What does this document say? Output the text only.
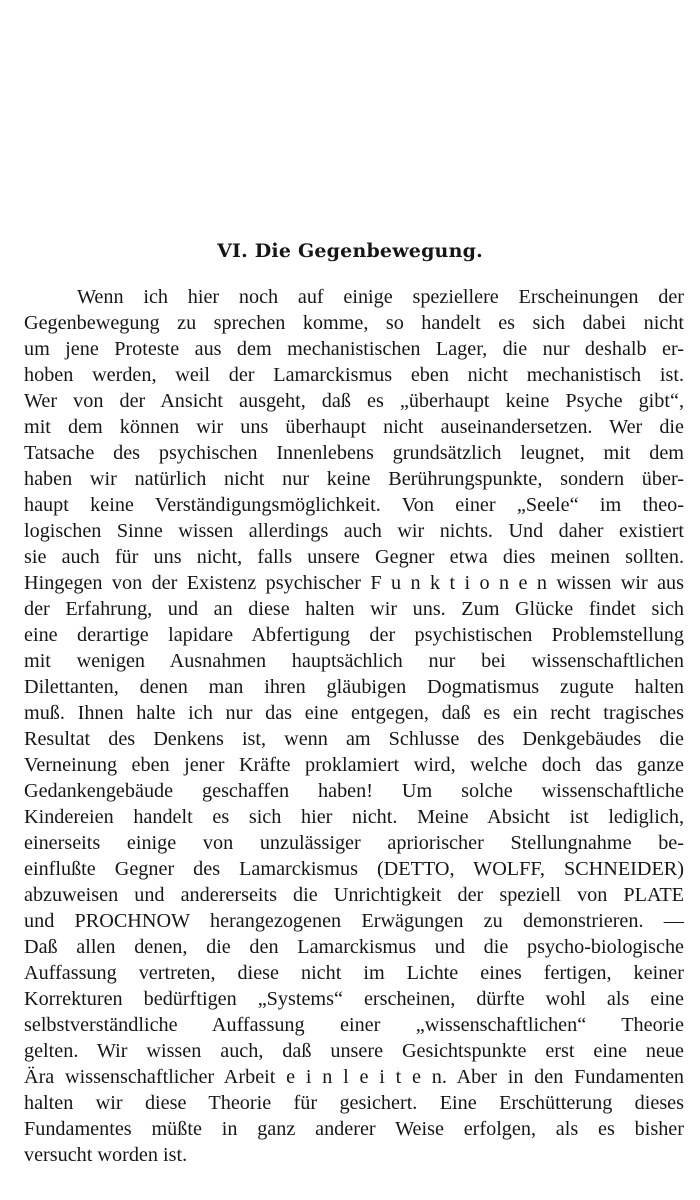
VI. Die Gegenbewegung.
Wenn ich hier noch auf einige speziellere Erscheinungen der
Gegenbewegung zu sprechen komme, so handelt es sich dabei nicht
um jene Proteste aus dem mechanistischen Lager, die nur deshalb er-
hoben werden, weil der Lamarckismus eben nicht mechanistisch ist.
Wer von der Ansicht ausgeht, daß es „überhaupt keine Psyche gibt“,
mit dem können wir uns überhaupt nicht auseinandersetzen. Wer die
Tatsache des psychischen Innenlebens grundsätzlich leugnet, mit dem
haben wir natürlich nicht nur keine Berührungspunkte, sondern über-
haupt keine Verständigungsmöglichkeit. Von einer „Seele“ im theo-
logischen Sinne wissen allerdings auch wir nichts. Und daher existiert
sie auch für uns nicht, falls unsere Gegner etwa dies meinen sollten.
Hingegen von der Existenz psychischer F u n k t i o n e n wissen wir aus
der Erfahrung, und an diese halten wir uns. Zum Glücke findet sich
eine derartige lapidare Abfertigung der psychistischen Problemstellung
mit wenigen Ausnahmen hauptsächlich nur bei wissenschaftlichen
Dilettanten, denen man ihren gläubigen Dogmatismus zugute halten
muß. Ihnen halte ich nur das eine entgegen, daß es ein recht tragisches
Resultat des Denkens ist, wenn am Schlusse des Denkgebäudes die
Verneinung eben jener Kräfte proklamiert wird, welche doch das ganze
Gedankengebäude geschaffen haben! Um solche wissenschaftliche
Kindereien handelt es sich hier nicht. Meine Absicht ist lediglich,
einerseits einige von unzulässiger apriorischer Stellungnahme be-
einflußte Gegner des Lamarckismus (DETTO, WOLFF, SCHNEIDER)
abzuweisen und andererseits die Unrichtigkeit der speziell von PLATE
und PROCHNOW herangezogenen Erwägungen zu demonstrieren. —
Daß allen denen, die den Lamarckismus und die psycho-biologische
Auffassung vertreten, diese nicht im Lichte eines fertigen, keiner
Korrekturen bedürftigen „Systems“ erscheinen, dürfte wohl als eine
selbstverständliche Auffassung einer „wissenschaftlichen“ Theorie
gelten. Wir wissen auch, daß unsere Gesichtspunkte erst eine neue
Ära wissenschaftlicher Arbeit e i n l e i t e n. Aber in den Fundamenten
halten wir diese Theorie für gesichert. Eine Erschütterung dieses
Fundamentes müßte in ganz anderer Weise erfolgen, als es bisher
versucht worden ist.
